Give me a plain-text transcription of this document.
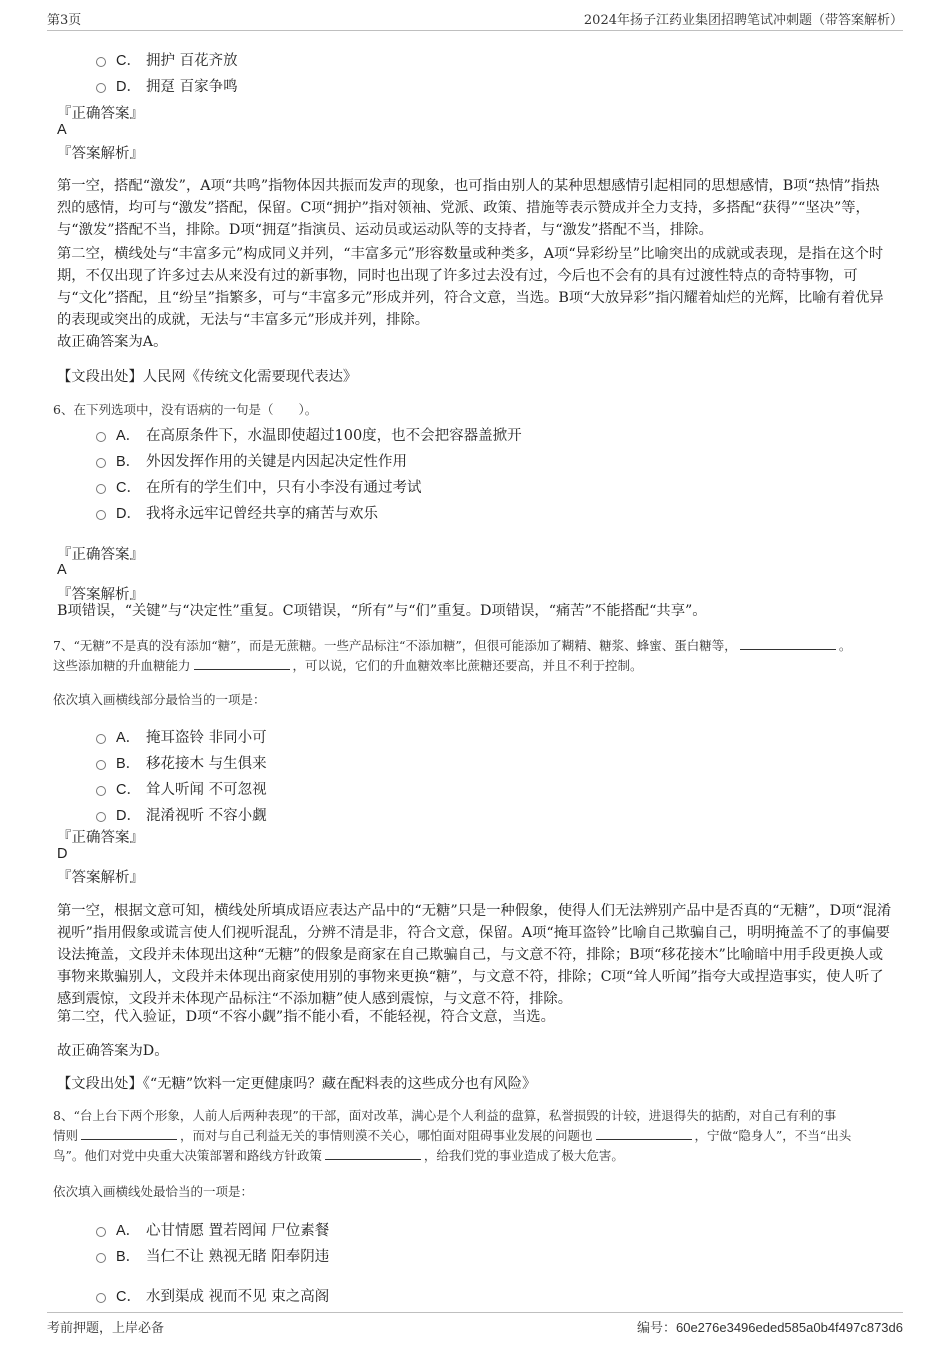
第3页	2024年扬子江药业集团招聘笔试冲刺题（带答案解析）
C． 拥护 百花齐放
D． 拥趸 百家争鸣
『正确答案』
A
『答案解析』
第一空，搭配“激发”，A项“共鸣”指物体因共振而发声的现象，也可指由别人的某种思想感情引起相同的思想感情，B项“热情”指热烈的感情，均可与“激发”搭配，保留。C项“拥护”指对领袖、党派、政策、措施等表示赞成并全力支持，多搭配“获得”“坚决”等，与“激发”搭配不当，排除。D项“拥趸”指演员、运动员或运动队等的支持者，与“激发”搭配不当，排除。
第二空，横线处与“丰富多元”构成同义并列，“丰富多元”形容数量或种类多，A项“异彩纷呈”比喻突出的成就或表现，是指在这个时期，不仅出现了许多过去从来没有过的新事物，同时也出现了许多过去没有过，今后也不会有的具有过渡性特点的奇特事物，可与“文化”搭配，且“纷呈”指繁多，可与“丰富多元”形成并列，符合文意，当选。B项“大放异彩”指闪耀着灿烂的光辉，比喻有着优异的表现或突出的成就，无法与“丰富多元”形成并列，排除。
故正确答案为A。
【文段出处】人民网《传统文化需要现代表达》
6、在下列选项中，没有语病的一句是（　　）。
A． 在高原条件下，水温即使超过100度，也不会把容器盖掀开
B． 外因发挥作用的关键是内因起决定性作用
C． 在所有的学生们中，只有小李没有通过考试
D． 我将永远牢记曾经共享的痛苦与欢乐
『正确答案』
A
『答案解析』
B项错误，“关键”与“决定性”重复。C项错误，“所有”与“们”重复。D项错误，“痛苦”不能搭配“共享”。
7、“无糖”不是真的没有添加“糖”，而是无蔗糖。一些产品标注“不添加糖”，但很可能添加了糊精、糖浆、蜂蜜、蛋白糖等，	。
这些添加糖的升血糖能力	，可以说，它们的升血糖效率比蔗糖还要高，并且不利于控制。
依次填入画横线部分最恰当的一项是：
A． 掩耳盗铃 非同小可
B． 移花接木 与生俱来
C． 耸人听闻 不可忽视
D． 混淆视听 不容小觑
『正确答案』
D
『答案解析』
第一空，根据文意可知，横线处所填成语应表达产品中的“无糖”只是一种假象，使得人们无法辨别产品中是否真的“无糖”，D项“混淆视听”指用假象或谎言使人们视听混乱，分辨不清是非，符合文意，保留。A项“掩耳盗铃”比喻自己欺骗自己，明明掩盖不了的事偏要设法掩盖，文段并未体现出这种“无糖”的假象是商家在自己欺骗自己，与文意不符，排除；B项“移花接木”比喻暗中用手段更换人或事物来欺骗别人，文段并未体现出商家使用别的事物来更换“糖”，与文意不符，排除；C项“耸人听闻”指夸大或捏造事实，使人听了感到震惊，文段并未体现产品标注“不添加糖”使人感到震惊，与文意不符，排除。
第二空，代入验证，D项“不容小觑”指不能小看，不能轻视，符合文意，当选。
故正确答案为D。
【文段出处】《“无糖”饮料一定更健康吗？藏在配料表的这些成分也有风险》
8、“台上台下两个形象，人前人后两种表现”的干部，面对改革，满心是个人利益的盘算，私誉损毁的计较，进退得失的掂酌，对自己有利的事
情则	，而对与自己利益无关的事情则漠不关心，哪怕面对阻碍事业发展的问题也	，宁做“隐身人”，不当“出头
鸟”。他们对党中央重大决策部署和路线方针政策	，给我们党的事业造成了极大危害。
依次填入画横线处最恰当的一项是：
A． 心甘情愿 置若罔闻 尸位素餐
B． 当仁不让 熟视无睹 阳奉阴违
C． 水到渠成 视而不见 束之高阁
考前押题，上岸必备	编号：60e276e3496eded585a0b4f497c873d6
